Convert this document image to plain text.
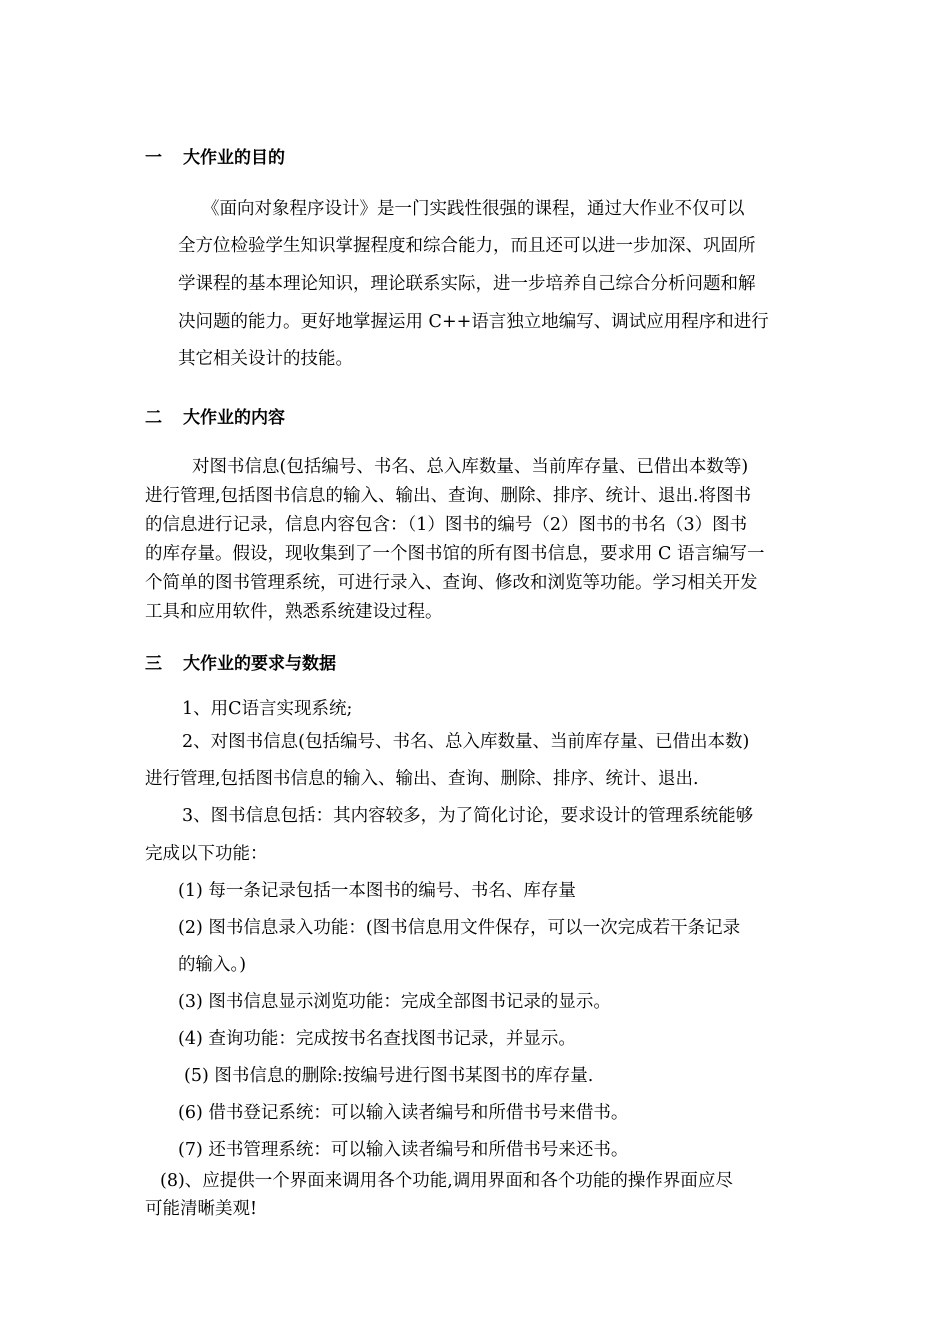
一 大作业的目的
《面向对象程序设计》是一门实践性很强的课程，通过大作业不仅可以
全方位检验学生知识掌握程度和综合能力，而且还可以进一步加深、巩固所
学课程的基本理论知识，理论联系实际，进一步培养自己综合分析问题和解
决问题的能力。更好地掌握运用 C++语言独立地编写、调试应用程序和进行
其它相关设计的技能。
二 大作业的内容
对图书信息(包括编号、书名、总入库数量、当前库存量、已借出本数等)
进行管理,包括图书信息的输入、输出、查询、删除、排序、统计、退出.将图书
的信息进行记录，信息内容包含：（1）图书的编号（2）图书的书名（3）图书
的库存量。假设，现收集到了一个图书馆的所有图书信息，要求用 C 语言编写一
个简单的图书管理系统，可进行录入、查询、修改和浏览等功能。学习相关开发
工具和应用软件，熟悉系统建设过程。
三 大作业的要求与数据
1、用C语言实现系统;
2、对图书信息(包括编号、书名、总入库数量、当前库存量、已借出本数)
进行管理,包括图书信息的输入、输出、查询、删除、排序、统计、退出.
3、图书信息包括：其内容较多，为了简化讨论，要求设计的管理系统能够
完成以下功能：
(1) 每一条记录包括一本图书的编号、书名、库存量
(2) 图书信息录入功能：(图书信息用文件保存，可以一次完成若干条记录
的输入。)
(3) 图书信息显示浏览功能：完成全部图书记录的显示。
(4) 查询功能：完成按书名查找图书记录，并显示。
(5) 图书信息的删除:按编号进行图书某图书的库存量.
(6) 借书登记系统：可以输入读者编号和所借书号来借书。
(7) 还书管理系统：可以输入读者编号和所借书号来还书。
(8)、应提供一个界面来调用各个功能,调用界面和各个功能的操作界面应尽
可能清晰美观!
